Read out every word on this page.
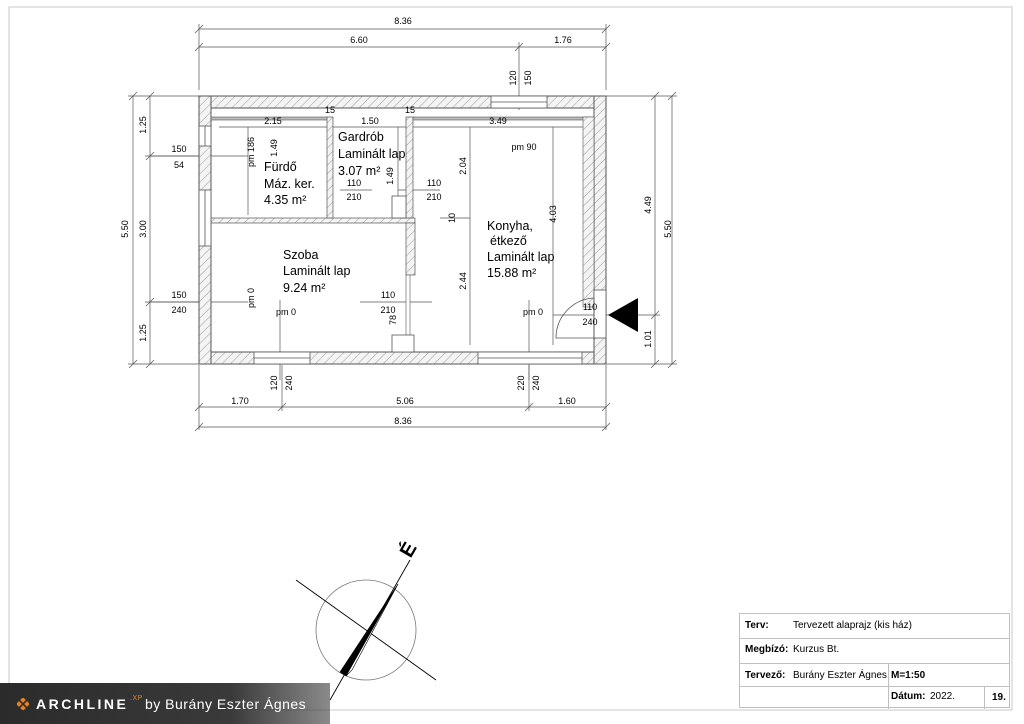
8.36
6.60	1.76
1.70	5.06	1.60
8.36
1.25
3.00
1.25
5.50
4.49
5.50
1.01
120 150
150
54
150
240
120 240	220 240
2.15
15
1.50
15
3.49
1.49
1.49
2.04
2.44
4.03
10
110
210
110
210
110
210
78
110
240
pm 186	pm 90
pm 0
pm 0	pm 0
Fürdő
Máz. ker.
4.35 m²
Gardrób
Laminált lap
3.07 m²
Szoba
Laminált lap
9.24 m²
Konyha,
étkező
Laminált lap
15.88 m²
É
Terv: Tervezett alaprajz (kis ház)
Megbízó: Kurzus Bt.
Tervező: Burány Eszter Ágnes M=1:50
Dátum: 2022.	19.
ARCHLINE .XP by Burány Eszter Ágnes
